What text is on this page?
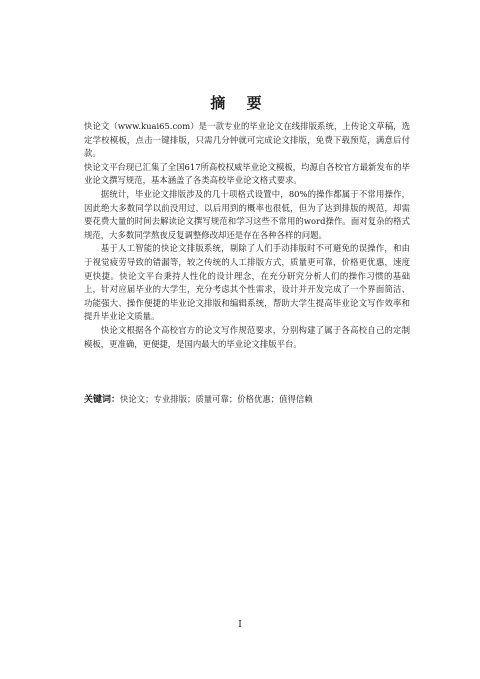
摘 要

快论文（www.kuai65.com）是一款专业的毕业论文在线排版系统，上传论文草稿，选定学校模板，点击一键排版，只需几分钟就可完成论文排版，免费下载预览，满意后付款。

快论文平台现已汇集了全国617所高校权威毕业论文模板，均源自各校官方最新发布的毕业论文撰写规范，基本涵盖了各类高校毕业论文格式要求。

据统计，毕业论文排版涉及的几十项格式设置中，80%的操作都属于不常用操作，因此绝大多数同学以前没用过，以后用到的概率也很低，但为了达到排版的规范，却需要花费大量的时间去解读论文撰写规范和学习这些不常用的word操作。面对复杂的格式规范，大多数同学熬夜反复调整修改却还是存在各种各样的问题。

基于人工智能的快论文排版系统，剔除了人们手动排版时不可避免的误操作，和由于视觉疲劳导致的错漏等，较之传统的人工排版方式，质量更可靠，价格更优惠，速度更快捷。快论文平台秉持人性化的设计理念，在充分研究分析人们的操作习惯的基础上，针对应届毕业的大学生，充分考虑其个性需求，设计并开发完成了一个界面简洁、功能强大、操作便捷的毕业论文排版和编辑系统，帮助大学生提高毕业论文写作效率和提升毕业论文质量。

快论文根据各个高校官方的论文写作规范要求，分别构建了属于各高校自己的定制模板，更准确，更便捷，是国内最大的毕业论文排版平台。

关键词：快论文；专业排版；质量可靠；价格优惠；值得信赖
I
